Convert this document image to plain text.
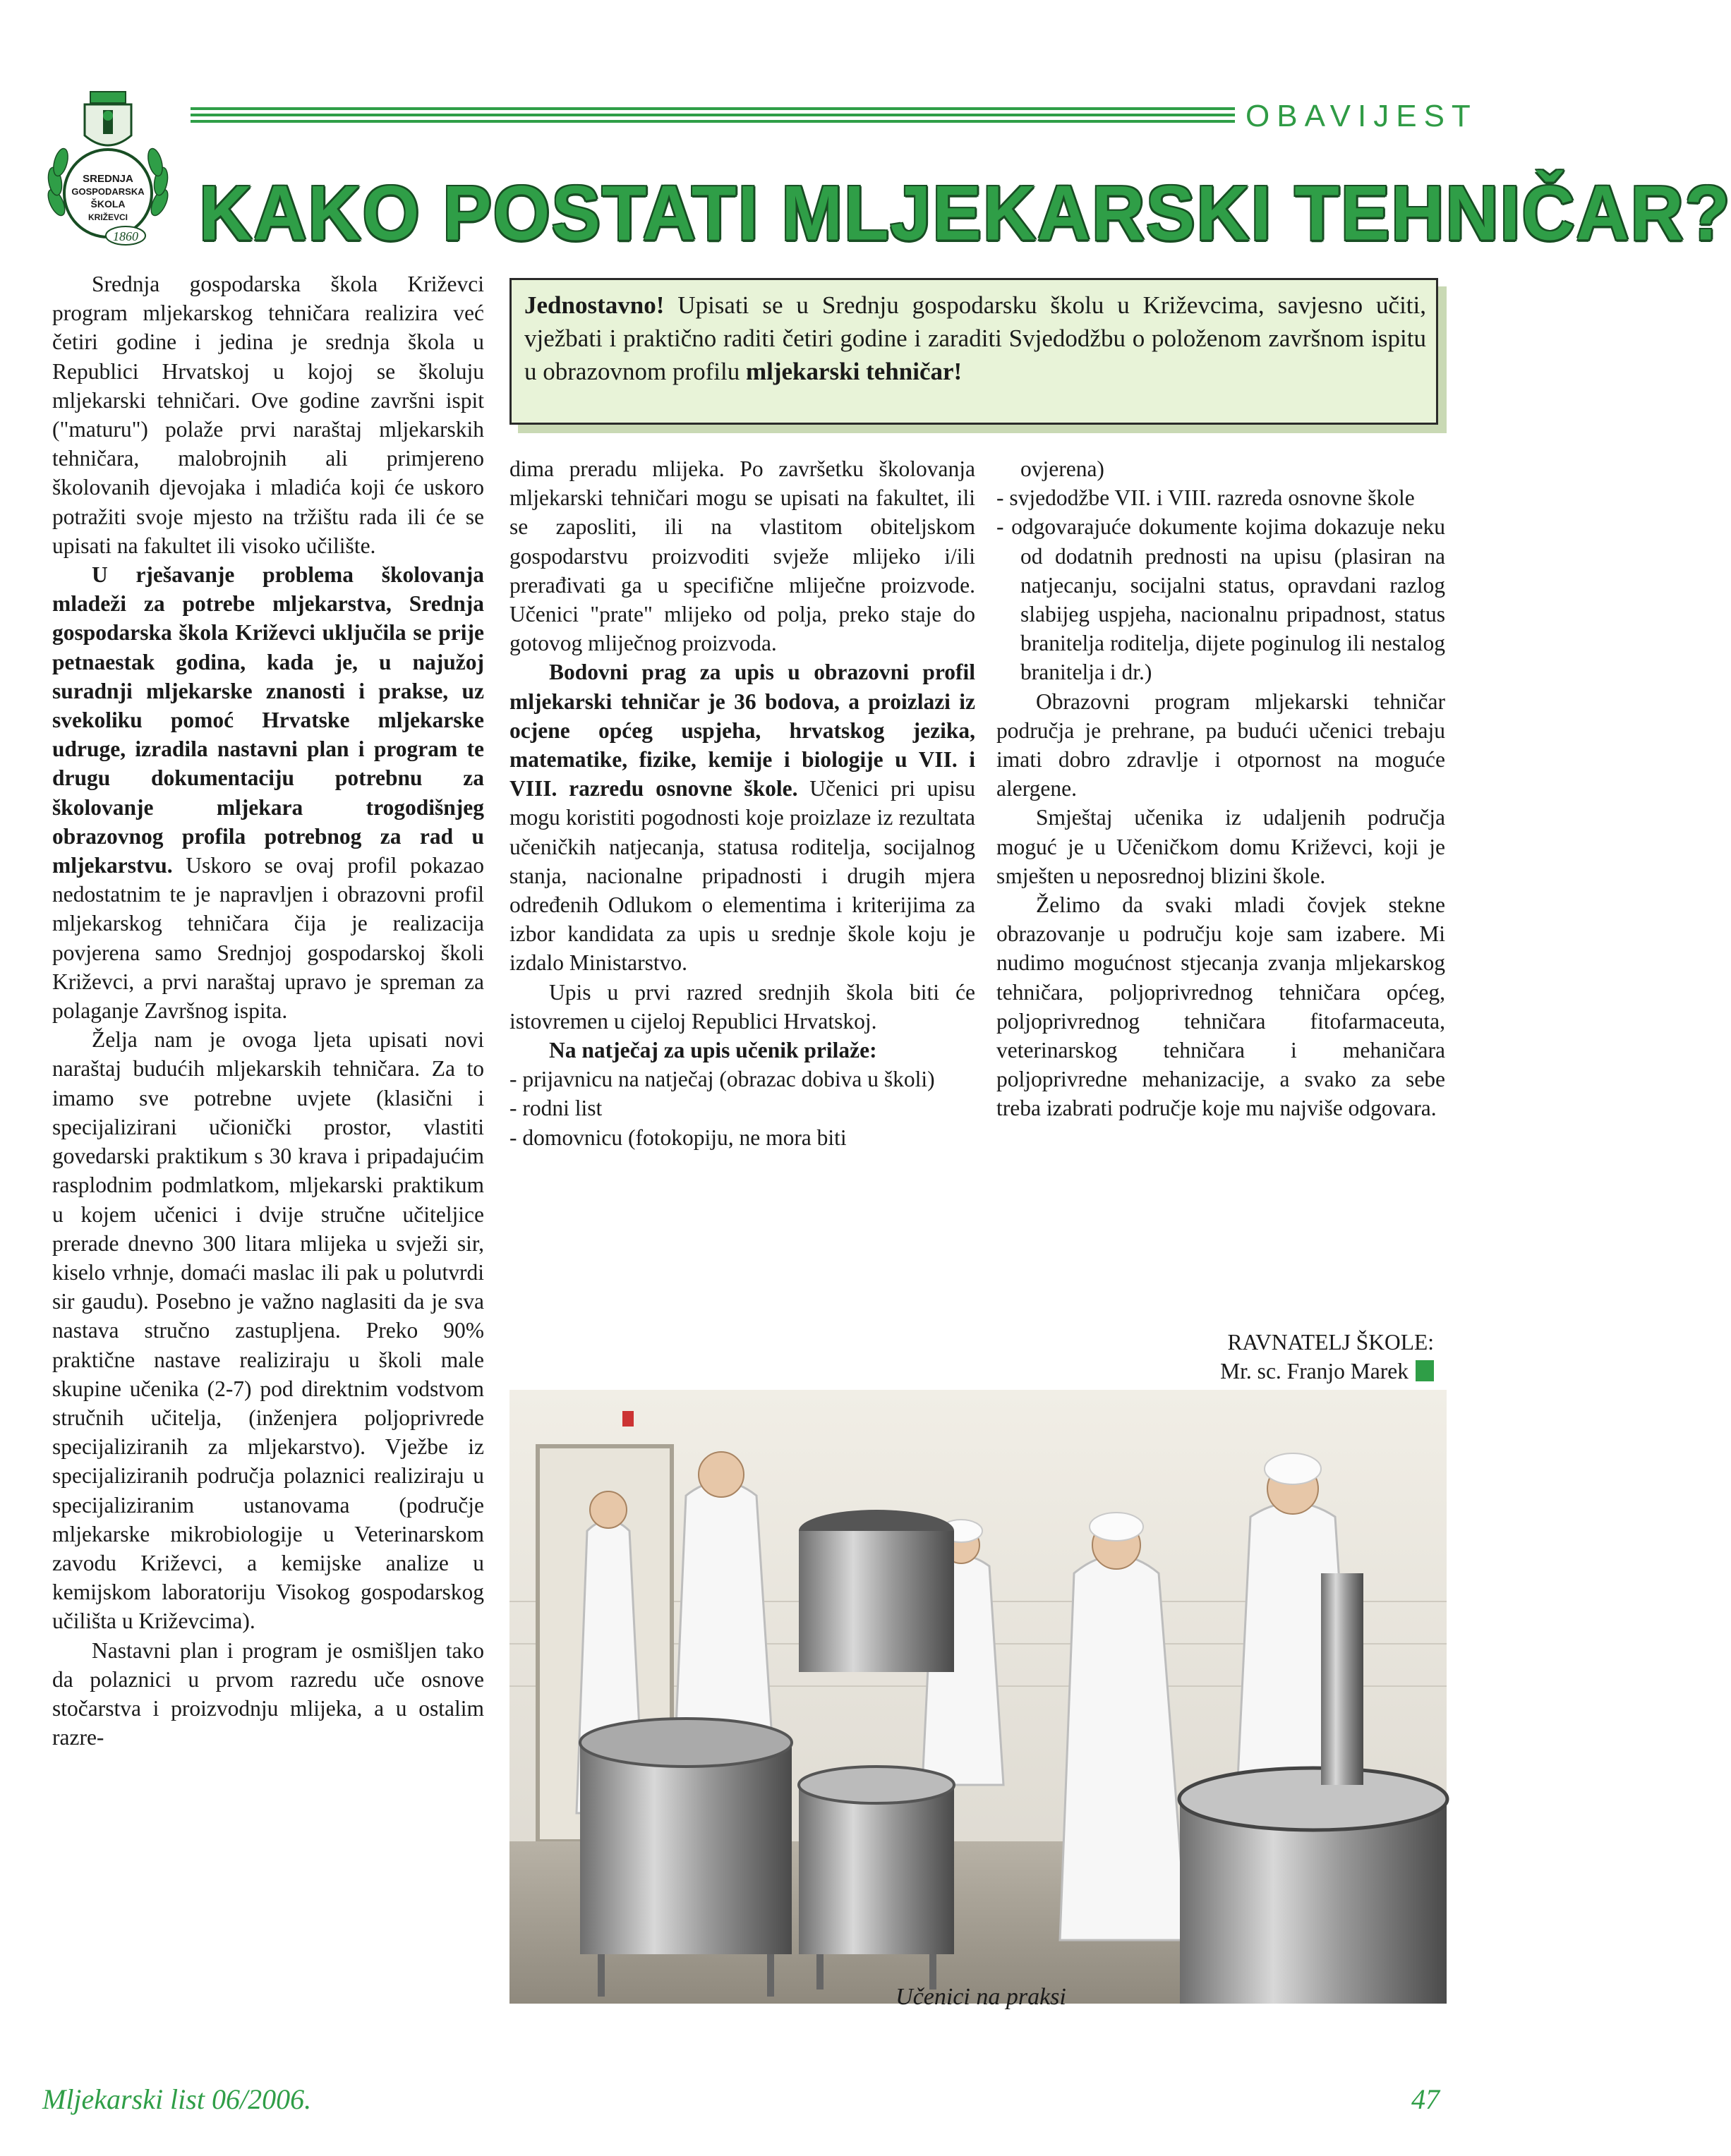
SREDNJA
GOSPODARSKA
ŠKOLA
KRIŽEVCI
1860
OBAVIJEST
KAKO POSTATI MLJEKARSKI TEHNIČAR?

Srednja gospodarska škola Križevci program mljekarskog tehničara realizira već četiri godine i jedina je srednja škola u Republici Hrvatskoj u kojoj se školuju mljekarski tehničari. Ove godine završni ispit ("maturu") polaže prvi naraštaj mljekarskih tehničara, malobrojnih ali primjereno školovanih djevojaka i mladića koji će uskoro potražiti svoje mjesto na tržištu rada ili će se upisati na fakultet ili visoko učilište.

U rješavanje problema školovanja mladeži za potrebe mljekarstva, Srednja gospodarska škola Križevci uključila se prije petnaestak godina, kada je, u najužoj suradnji mljekarske znanosti i prakse, uz svekoliku pomoć Hrvatske mljekarske udruge, izradila nastavni plan i program te drugu dokumentaciju potrebnu za školovanje mljekara trogodišnjeg obrazovnog profila potrebnog za rad u mljekarstvu. Uskoro se ovaj profil pokazao nedostatnim te je napravljen i obrazovni profil mljekarskog tehničara čija je realizacija povjerena samo Srednjoj gospodarskoj školi Križevci, a prvi naraštaj upravo je spreman za polaganje Završnog ispita.

Želja nam je ovoga ljeta upisati novi naraštaj budućih mljekarskih tehničara. Za to imamo sve potrebne uvjete (klasični i specijalizirani učionički prostor, vlastiti govedarski praktikum s 30 krava i pripadajućim rasplodnim podmlatkom, mljekarski praktikum u kojem učenici i dvije stručne učiteljice prerade dnevno 300 litara mlijeka u svježi sir, kiselo vrhnje, domaći maslac ili pak u polutvrdi sir gaudu). Posebno je važno naglasiti da je sva nastava stručno zastupljena. Preko 90% praktične nastave realiziraju u školi male skupine učenika (2-7) pod direktnim vodstvom stručnih učitelja, (inženjera poljoprivrede specijaliziranih za mljekarstvo). Vježbe iz specijaliziranih područja polaznici realiziraju u specijaliziranim ustanovama (područje mljekarske mikrobiologije u Veterinarskom zavodu Križevci, a kemijske analize u kemijskom laboratoriju Visokog gospodarskog učilišta u Križevcima).

Nastavni plan i program je osmišljen tako da polaznici u prvom razredu uče osnove stočarstva i proizvodnju mlijeka, a u ostalim razre-

Jednostavno! Upisati se u Srednju gospodarsku školu u Križevcima, savjesno učiti, vježbati i praktično raditi četiri godine i zaraditi Svjedodžbu o položenom završnom ispitu u obrazovnom profilu mljekarski tehničar!

dima preradu mlijeka. Po završetku školovanja mljekarski tehničari mogu se upisati na fakultet, ili se zaposliti, ili na vlastitom obiteljskom gospodarstvu proizvoditi svježe mlijeko i/ili prerađivati ga u specifične mliječne proizvode. Učenici "prate" mlijeko od polja, preko staje do gotovog mliječnog proizvoda.

Bodovni prag za upis u obrazovni profil mljekarski tehničar je 36 bodova, a proizlazi iz ocjene općeg uspjeha, hrvatskog jezika, matematike, fizike, kemije i biologije u VII. i VIII. razredu osnovne škole. Učenici pri upisu mogu koristiti pogodnosti koje proizlaze iz rezultata učeničkih natjecanja, statusa roditelja, socijalnog stanja, nacionalne pripadnosti i drugih mjera određenih Odlukom o elementima i kriterijima za izbor kandidata za upis u srednje škole koju je izdalo Ministarstvo.

Upis u prvi razred srednjih škola biti će istovremen u cijeloj Republici Hrvatskoj.

Na natječaj za upis učenik prilaže:

- prijavnicu na natječaj (obrazac dobiva u školi)

- rodni list

- domovnicu (fotokopiju, ne mora biti

ovjerena)

- svjedodžbe VII. i VIII. razreda osnovne škole

- odgovarajuće dokumente kojima dokazuje neku od dodatnih prednosti na upisu (plasiran na natjecanju, socijalni status, opravdani razlog slabijeg uspjeha, nacionalnu pripadnost, status branitelja roditelja, dijete poginulog ili nestalog branitelja i dr.)

Obrazovni program mljekarski tehničar područja je prehrane, pa budući učenici trebaju imati dobro zdravlje i otpornost na moguće alergene.

Smještaj učenika iz udaljenih područja moguć je u Učeničkom domu Križevci, koji je smješten u neposrednoj blizini škole.

Želimo da svaki mladi čovjek stekne obrazovanje u području koje sam izabere. Mi nudimo mogućnost stjecanja zvanja mljekarskog tehničara, poljoprivrednog tehničara općeg, poljoprivrednog tehničara fitofarmaceuta, veterinarskog tehničara i mehaničara poljoprivredne mehanizacije, a svako za sebe treba izabrati područje koje mu najviše odgovara.

RAVNATELJ ŠKOLE:
Mr. sc. Franjo Marek
Učenici na praksi
Mljekarski list 06/2006.	47
